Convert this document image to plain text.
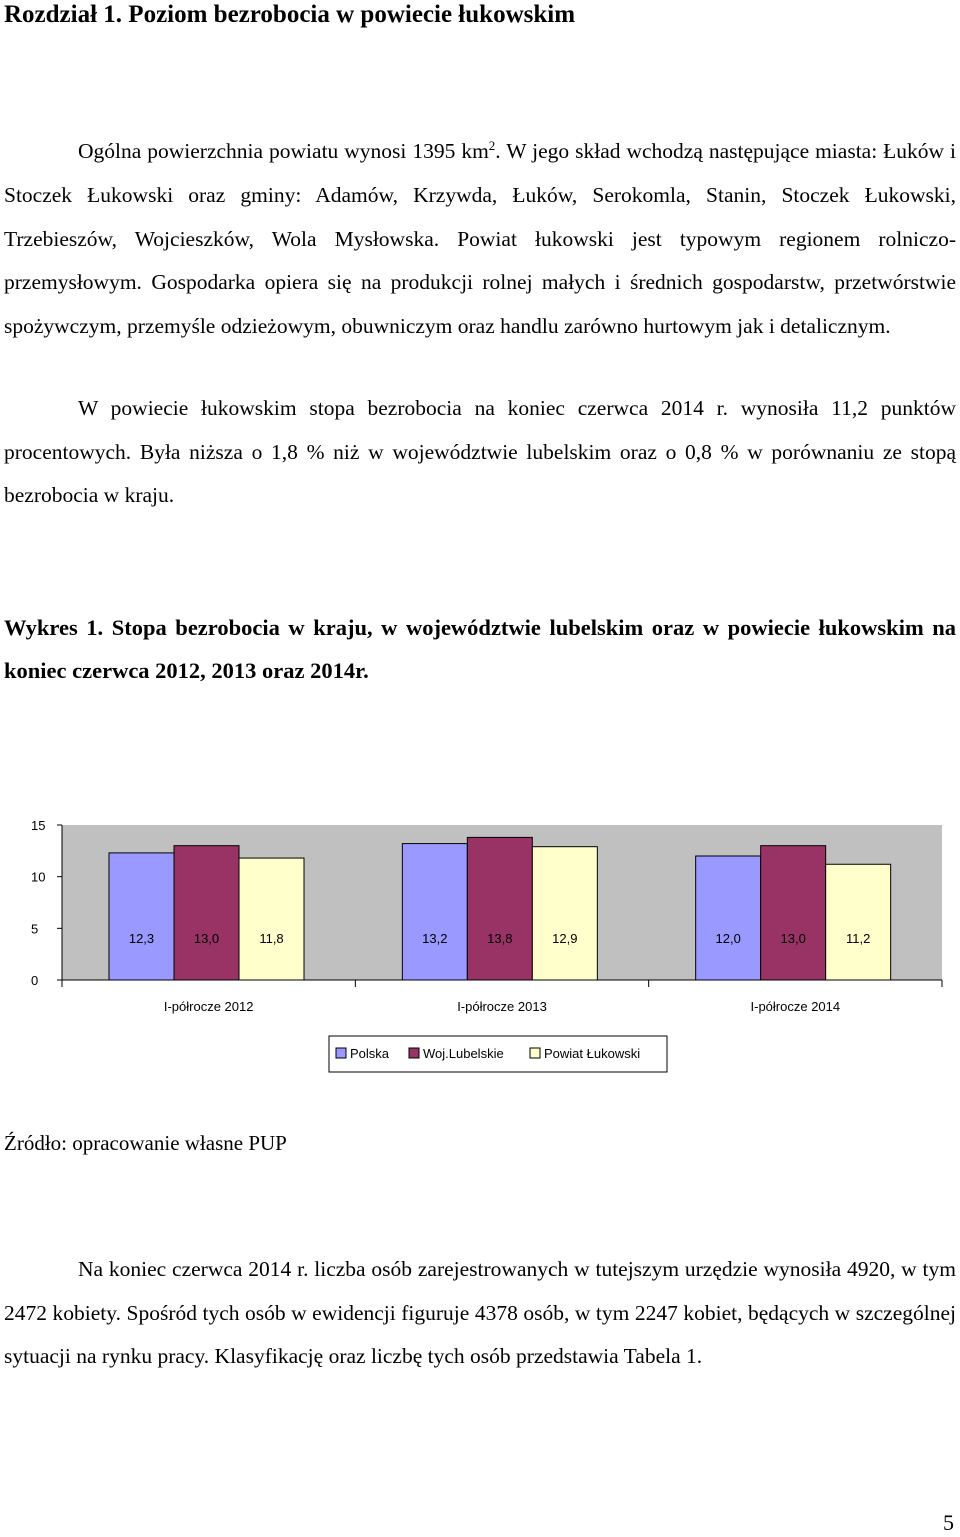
Rozdział 1. Poziom bezrobocia w powiecie łukowskim

Ogólna powierzchnia powiatu wynosi 1395 $km^2$. W jego skład wchodzą następujące miasta: Łuków i Stoczek Łukowski oraz gminy: Adamów, Krzywda, Łuków, Serokomla, Stanin, Stoczek Łukowski, Trzebieszów, Wojcieszków, Wola Mysłowska. Powiat łukowski jest typowym regionem rolniczo-przemysłowym. Gospodarka opiera się na produkcji rolnej małych i średnich gospodarstw, przetwórstwie spożywczym, przemyśle odzieżowym, obuwniczym oraz handlu zarówno hurtowym jak i detalicznym.

W powiecie łukowskim stopa bezrobocia na koniec czerwca 2014 r. wynosiła 11,2 punktów procentowych. Była niższa o 1,8 % niż w województwie lubelskim oraz o 0,8 % w porównaniu ze stopą bezrobocia w kraju.

Wykres 1. Stopa bezrobocia w kraju, w województwie lubelskim oraz w powiecie łukowskim na koniec czerwca 2012, 2013 oraz 2014r.

12,3	13,0	11,8	13,2	13,8	12,9	12,0	13,0	11,2
0
5
10
15
I-półrocze 2012	I-półrocze 2013	I-półrocze 2014
Polska	Woj.Lubelskie	Powiat Łukowski
Źródło: opracowanie własne PUP

Na koniec czerwca 2014 r. liczba osób zarejestrowanych w tutejszym urzędzie wynosiła 4920, w tym 2472 kobiety. Spośród tych osób w ewidencji figuruje 4378 osób, w tym 2247 kobiet, będących w szczególnej sytuacji na rynku pracy. Klasyfikację oraz liczbę tych osób przedstawia Tabela 1.

5
